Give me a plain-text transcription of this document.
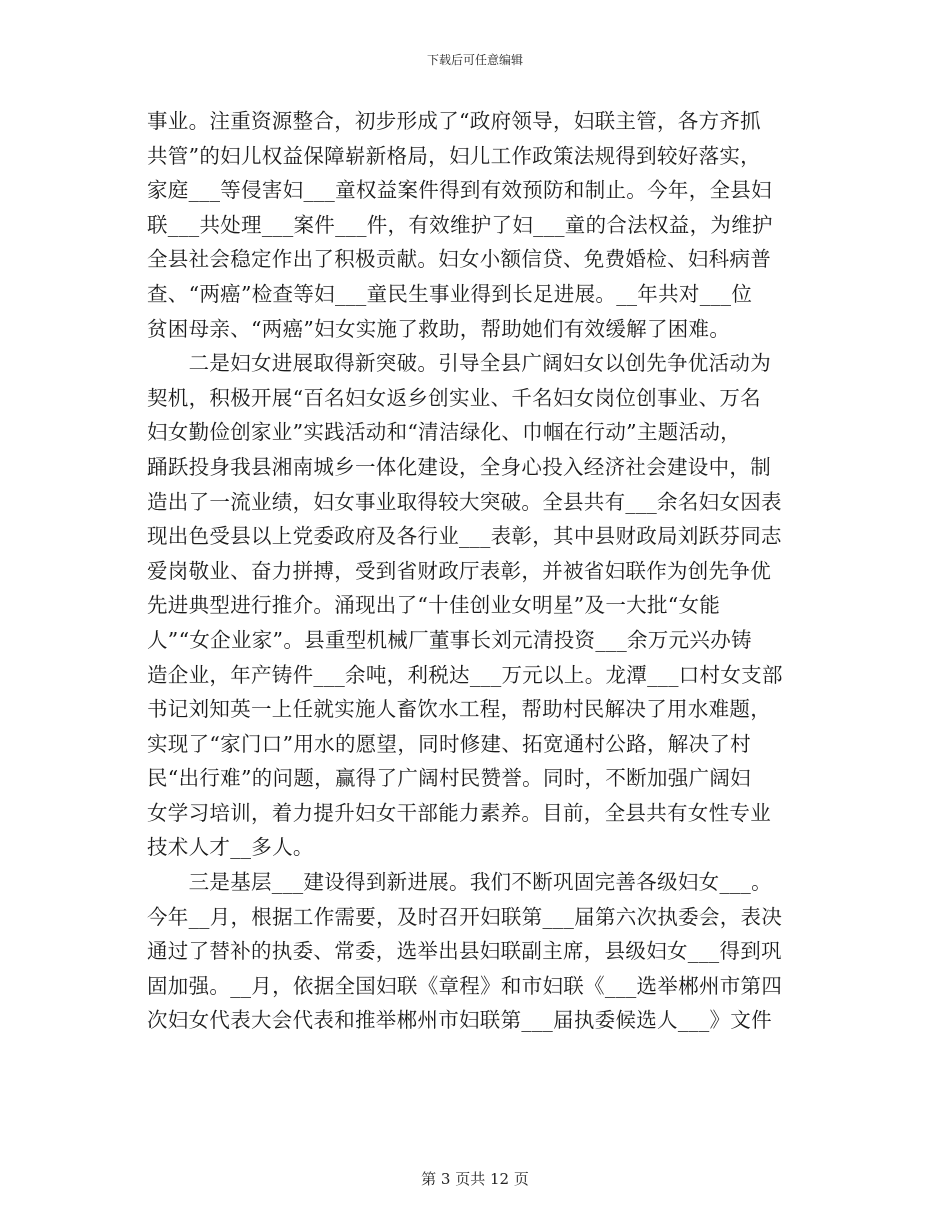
下载后可任意编辑
事业。注重资源整合，初步形成了“政府领导，妇联主管，各方齐抓
共管”的妇儿权益保障崭新格局，妇儿工作政策法规得到较好落实，
家庭___等侵害妇___童权益案件得到有效预防和制止。今年，全县妇
联___共处理___案件___件，有效维护了妇___童的合法权益，为维护
全县社会稳定作出了积极贡献。妇女小额信贷、免费婚检、妇科病普
查、“两癌”检查等妇___童民生事业得到长足进展。__年共对___位
贫困母亲、“两癌”妇女实施了救助，帮助她们有效缓解了困难。
　　二是妇女进展取得新突破。引导全县广阔妇女以创先争优活动为
契机，积极开展“百名妇女返乡创实业、千名妇女岗位创事业、万名
妇女勤俭创家业”实践活动和“清洁绿化、巾帼在行动”主题活动，
踊跃投身我县湘南城乡一体化建设，全身心投入经济社会建设中，制
造出了一流业绩，妇女事业取得较大突破。全县共有___余名妇女因表
现出色受县以上党委政府及各行业___表彰，其中县财政局刘跃芬同志
爱岗敬业、奋力拼搏，受到省财政厅表彰，并被省妇联作为创先争优
先进典型进行推介。涌现出了“十佳创业女明星”及一大批“女能
人”“女企业家”。县重型机械厂董事长刘元清投资___余万元兴办铸
造企业，年产铸件___余吨，利税达___万元以上。龙潭___口村女支部
书记刘知英一上任就实施人畜饮水工程，帮助村民解决了用水难题，
实现了“家门口”用水的愿望，同时修建、拓宽通村公路，解决了村
民“出行难”的问题，赢得了广阔村民赞誉。同时，不断加强广阔妇
女学习培训，着力提升妇女干部能力素养。目前，全县共有女性专业
技术人才__多人。
　　三是基层___建设得到新进展。我们不断巩固完善各级妇女___。
今年__月，根据工作需要，及时召开妇联第___届第六次执委会，表决
通过了替补的执委、常委，选举出县妇联副主席，县级妇女___得到巩
固加强。__月，依据全国妇联《章程》和市妇联《___选举郴州市第四
次妇女代表大会代表和推举郴州市妇联第___届执委候选人___》文件
第 3 页共 12 页
